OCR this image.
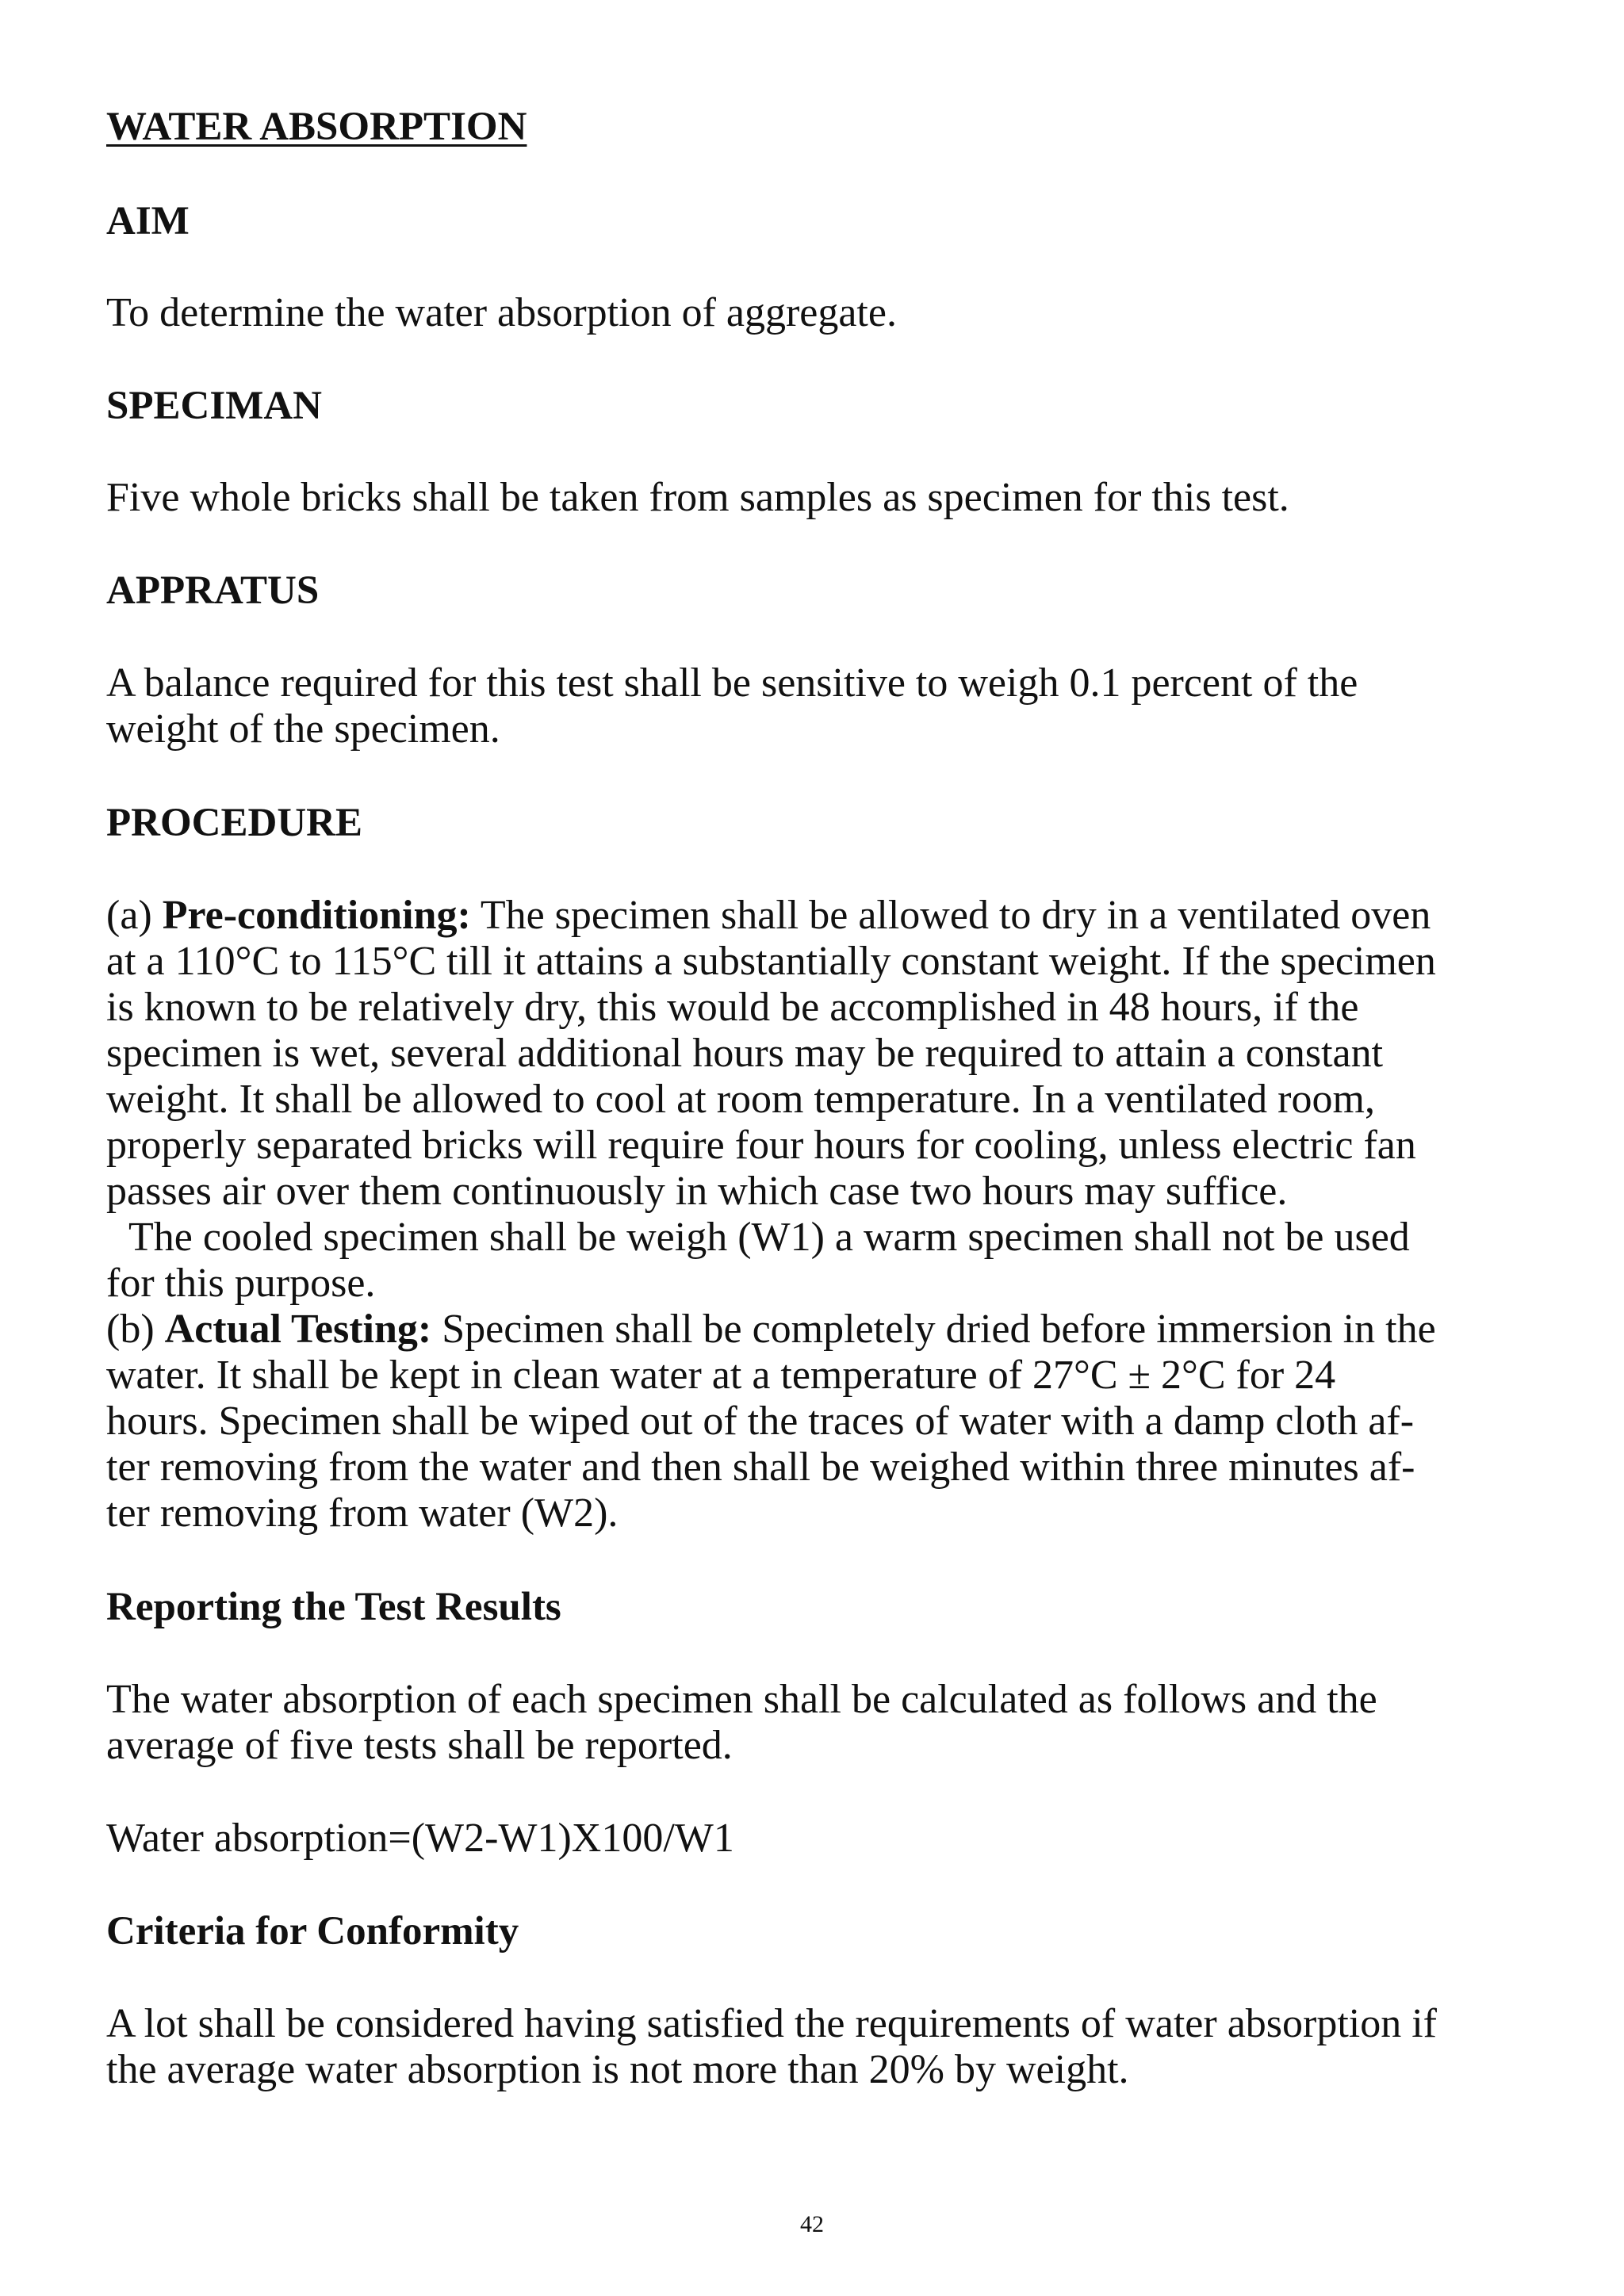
WATER ABSORPTION
AIM
To determine the water absorption of aggregate.
SPECIMAN
Five whole bricks shall be taken from samples as specimen for this test.
APPRATUS
A balance required for this test shall be sensitive to weigh 0.1 percent of the
weight of the specimen.
PROCEDURE
(a) Pre-conditioning: The specimen shall be allowed to dry in a ventilated oven
at a 110°C to 115°C till it attains a substantially constant weight. If the specimen
is known to be relatively dry, this would be accomplished in 48 hours, if the
specimen is wet, several additional hours may be required to attain a constant
weight. It shall be allowed to cool at room temperature. In a ventilated room,
properly separated bricks will require four hours for cooling, unless electric fan
passes air over them continuously in which case two hours may suffice.
The cooled specimen shall be weigh (W1) a warm specimen shall not be used
for this purpose.
(b) Actual Testing: Specimen shall be completely dried before immersion in the
water. It shall be kept in clean water at a temperature of 27°C ± 2°C for 24
hours. Specimen shall be wiped out of the traces of water with a damp cloth af-
ter removing from the water and then shall be weighed within three minutes af-
ter removing from water (W2).
Reporting the Test Results
The water absorption of each specimen shall be calculated as follows and the
average of five tests shall be reported.
Water absorption=(W2-W1)X100/W1
Criteria for Conformity
A lot shall be considered having satisfied the requirements of water absorption if
the average water absorption is not more than 20% by weight.
42
